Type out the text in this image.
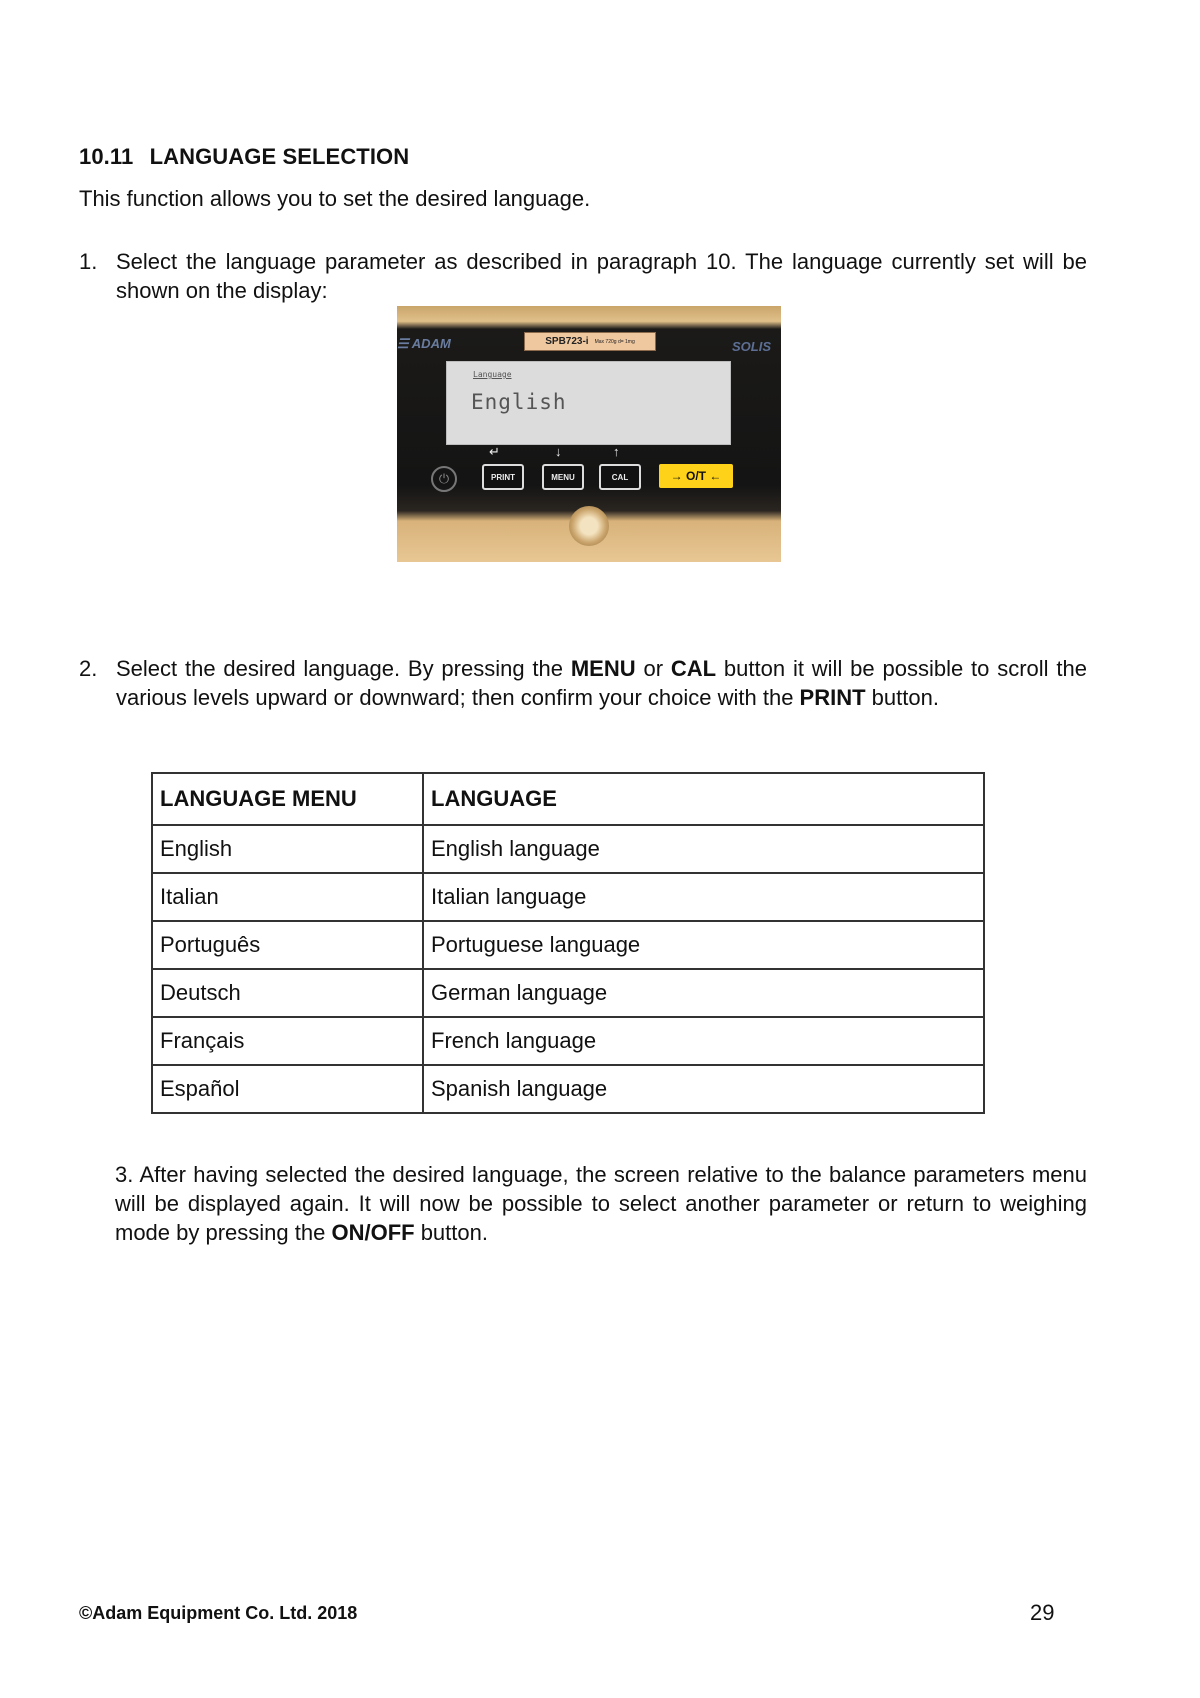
10.11 LANGUAGE SELECTION
This function allows you to set the desired language.
1. Select the language parameter as described in paragraph 10. The language currently set will be shown on the display:
☰ ADAM	SPB723-i Max 720g d= 1mg	SOLIS
Language
English
↵	↓	↑
⏻	PRINT	MENU	CAL	→ O/T ←
2. Select the desired language. By pressing the MENU or CAL button it will be possible to scroll the various levels upward or downward; then confirm your choice with the PRINT button.
LANGUAGE MENU	LANGUAGE
English	English language
Italian	Italian language
Português	Portuguese language
Deutsch	German language
Français	French language
Español	Spanish language
3. After having selected the desired language, the screen relative to the balance parameters menu will be displayed again. It will now be possible to select another parameter or return to weighing mode by pressing the ON/OFF button.
©Adam Equipment Co. Ltd. 2018	29
